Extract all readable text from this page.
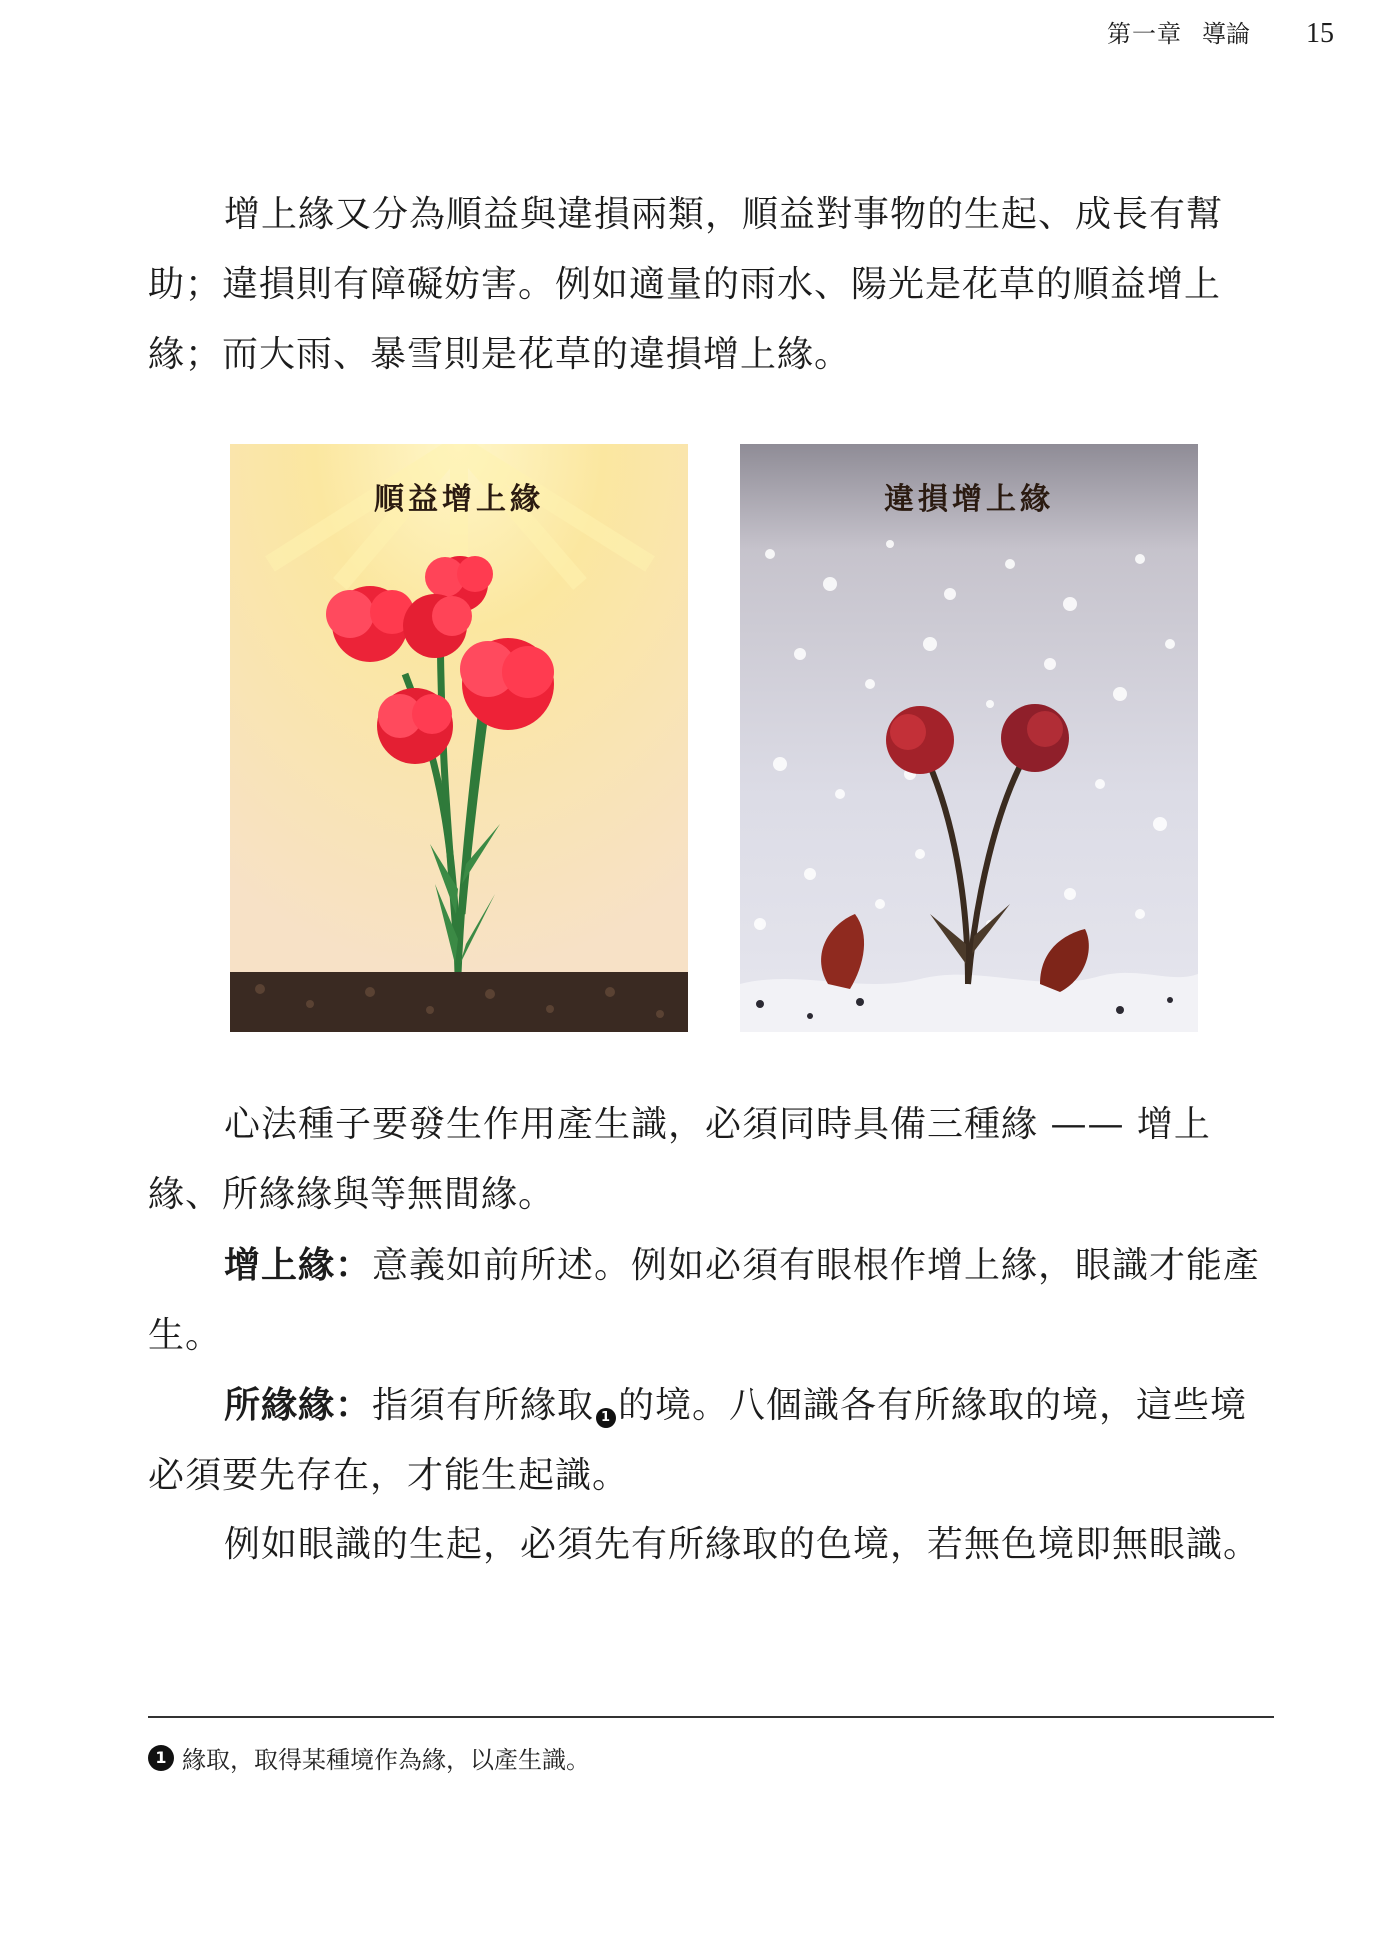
第一章 導論 15

增上緣又分為順益與違損兩類，順益對事物的生起、成長有幫助；違損則有障礙妨害。例如適量的雨水、陽光是花草的順益增上緣；而大雨、暴雪則是花草的違損增上緣。

順益增上緣	違損增上緣

心法種子要發生作用產生識，必須同時具備三種緣 —— 增上緣、所緣緣與等無間緣。

增上緣：意義如前所述。例如必須有眼根作增上緣，眼識才能產生。

所緣緣：指須有所緣取 1 的境。八個識各有所緣取的境，這些境必須要先存在，才能生起識。

例如眼識的生起，必須先有所緣取的色境，若無色境即無眼識。

1 緣取，取得某種境作為緣，以產生識。
